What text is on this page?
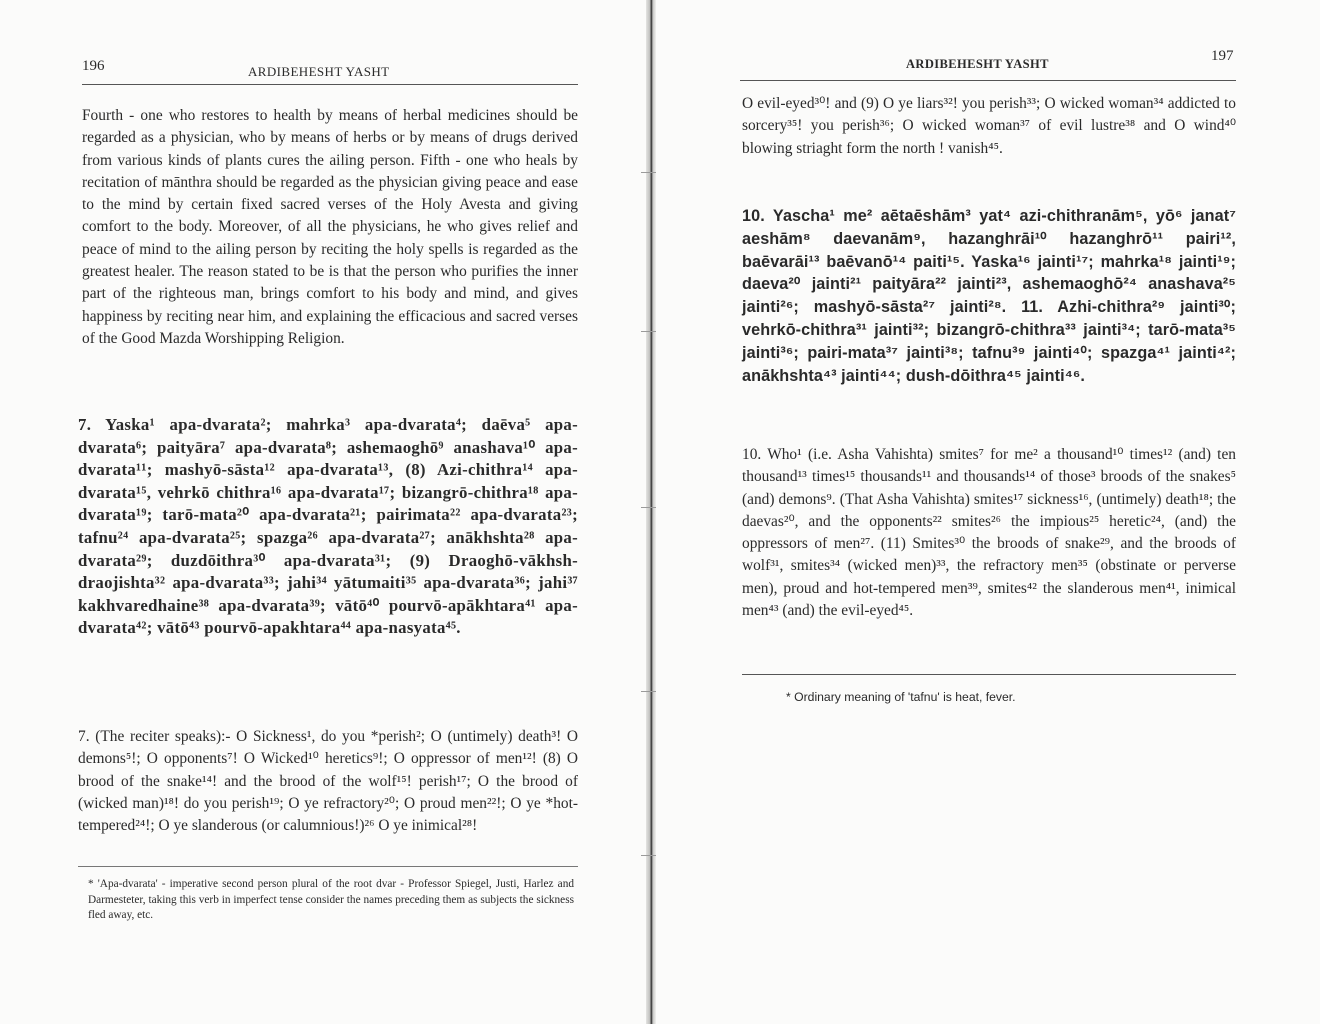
196	ARDIBEHESHT YASHT

Fourth - one who restores to health by means of herbal medicines should be regarded as a physician, who by means of herbs or by means of drugs derived from various kinds of plants cures the ailing person. Fifth - one who heals by recitation of mānthra should be regarded as the physician giving peace and ease to the mind by certain fixed sacred verses of the Holy Avesta and giving comfort to the body. Moreover, of all the physicians, he who gives relief and peace of mind to the ailing person by reciting the holy spells is regarded as the greatest healer. The reason stated to be is that the person who purifies the inner part of the righteous man, brings comfort to his body and mind, and gives happiness by reciting near him, and explaining the efficacious and sacred verses of the Good Mazda Worshipping Religion.

7. Yaska¹ apa-dvarata²; mahrka³ apa-dvarata⁴; daēva⁵ apa-dvarata⁶; paityāra⁷ apa-dvarata⁸; ashemaoghō⁹ anashava¹⁰ apa-dvarata¹¹; mashyō-sāsta¹² apa-dvarata¹³, (8) Azi-chithra¹⁴ apa-dvarata¹⁵, vehrkō chithra¹⁶ apa-dvarata¹⁷; bizangrō-chithra¹⁸ apa-dvarata¹⁹; tarō-mata²⁰ apa-dvarata²¹; pairimata²² apa-dvarata²³; tafnu²⁴ apa-dvarata²⁵; spazga²⁶ apa-dvarata²⁷; anākhshta²⁸ apa-dvarata²⁹; duzdōithra³⁰ apa-dvarata³¹; (9) Draoghō-vākhsh-draojishta³² apa-dvarata³³; jahi³⁴ yātumaiti³⁵ apa-dvarata³⁶; jahi³⁷ kakhvaredhaine³⁸ apa-dvarata³⁹; vātō⁴⁰ pourvō-apākhtara⁴¹ apa-dvarata⁴²; vātō⁴³ pourvō-apakhtara⁴⁴ apa-nasyata⁴⁵.

7. (The reciter speaks):- O Sickness¹, do you *perish²; O (untimely) death³! O demons⁵!; O opponents⁷! O Wicked¹⁰ heretics⁹!; O oppressor of men¹²! (8) O brood of the snake¹⁴! and the brood of the wolf¹⁵! perish¹⁷; O the brood of (wicked man)¹⁸! do you perish¹⁹; O ye refractory²⁰; O proud men²²!; O ye *hot-tempered²⁴!; O ye slanderous (or calumnious!)²⁶ O ye inimical²⁸!

* 'Apa-dvarata' - imperative second person plural of the root dvar - Professor Spiegel, Justi, Harlez and Darmesteter, taking this verb in imperfect tense consider the names preceding them as subjects the sickness fled away, etc.

ARDIBEHESHT YASHT	197

O evil-eyed³⁰! and (9) O ye liars³²! you perish³³; O wicked woman³⁴ addicted to sorcery³⁵! you perish³⁶; O wicked woman³⁷ of evil lustre³⁸ and O wind⁴⁰ blowing striaght form the north ! vanish⁴⁵.

10. Yascha¹ me² aētaēshām³ yat⁴ azi-chithranām⁵, yō⁶ janat⁷ aeshām⁸ daevanām⁹, hazanghrāi¹⁰ hazanghrō¹¹ pairi¹², baēvarāi¹³ baēvanō¹⁴ paiti¹⁵. Yaska¹⁶ jainti¹⁷; mahrka¹⁸ jainti¹⁹; daeva²⁰ jainti²¹ paityāra²² jainti²³, ashemaoghō²⁴ anashava²⁵ jainti²⁶; mashyō-sāsta²⁷ jainti²⁸. 11. Azhi-chithra²⁹ jainti³⁰; vehrkō-chithra³¹ jainti³²; bizangrō-chithra³³ jainti³⁴; tarō-mata³⁵ jainti³⁶; pairi-mata³⁷ jainti³⁸; tafnu³⁹ jainti⁴⁰; spazga⁴¹ jainti⁴²; anākhshta⁴³ jainti⁴⁴; dush-dōithra⁴⁵ jainti⁴⁶.

10. Who¹ (i.e. Asha Vahishta) smites⁷ for me² a thousand¹⁰ times¹² (and) ten thousand¹³ times¹⁵ thousands¹¹ and thousands¹⁴ of those³ broods of the snakes⁵ (and) demons⁹. (That Asha Vahishta) smites¹⁷ sickness¹⁶, (untimely) death¹⁸; the daevas²⁰, and the opponents²² smites²⁶ the impious²⁵ heretic²⁴, (and) the oppressors of men²⁷. (11) Smites³⁰ the broods of snake²⁹, and the broods of wolf³¹, smites³⁴ (wicked men)³³, the refractory men³⁵ (obstinate or perverse men), proud and hot-tempered men³⁹, smites⁴² the slanderous men⁴¹, inimical men⁴³ (and) the evil-eyed⁴⁵.

* Ordinary meaning of 'tafnu' is heat, fever.
